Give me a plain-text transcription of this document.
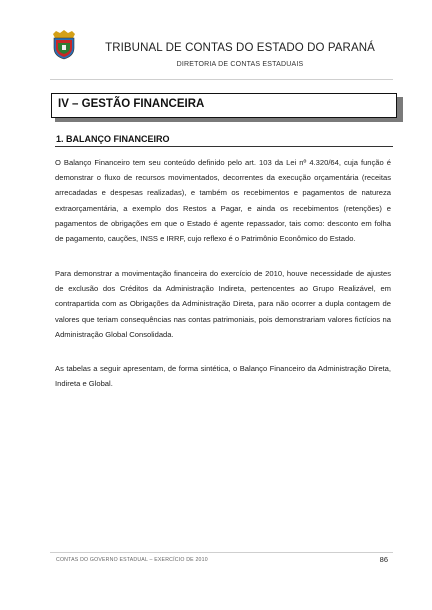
TRIBUNAL DE CONTAS DO ESTADO DO PARANÁ
DIRETORIA DE CONTAS ESTADUAIS
IV – GESTÃO FINANCEIRA
1. BALANÇO FINANCEIRO
O Balanço Financeiro tem seu conteúdo definido pelo art. 103 da Lei nº 4.320/64, cuja função é demonstrar o fluxo de recursos movimentados, decorrentes da execução orçamentária (receitas arrecadadas e despesas realizadas), e também os recebimentos e pagamentos de natureza extraorçamentária, a exemplo dos Restos a Pagar, e ainda os recebimentos (retenções) e pagamentos de obrigações em que o Estado é agente repassador, tais como: desconto em folha de pagamento, cauções, INSS e IRRF, cujo reflexo é o Patrimônio Econômico do Estado.
Para demonstrar a movimentação financeira do exercício de 2010, houve necessidade de ajustes de exclusão dos Créditos da Administração Indireta, pertencentes ao Grupo Realizável, em contrapartida com as Obrigações da Administração Direta, para não ocorrer a dupla contagem de valores que teriam consequências nas contas patrimoniais, pois demonstrariam valores fictícios na Administração Global Consolidada.
As tabelas a seguir apresentam, de forma sintética, o Balanço Financeiro da Administração Direta, Indireta e Global.
CONTAS DO GOVERNO ESTADUAL – EXERCÍCIO DE 2010	86
